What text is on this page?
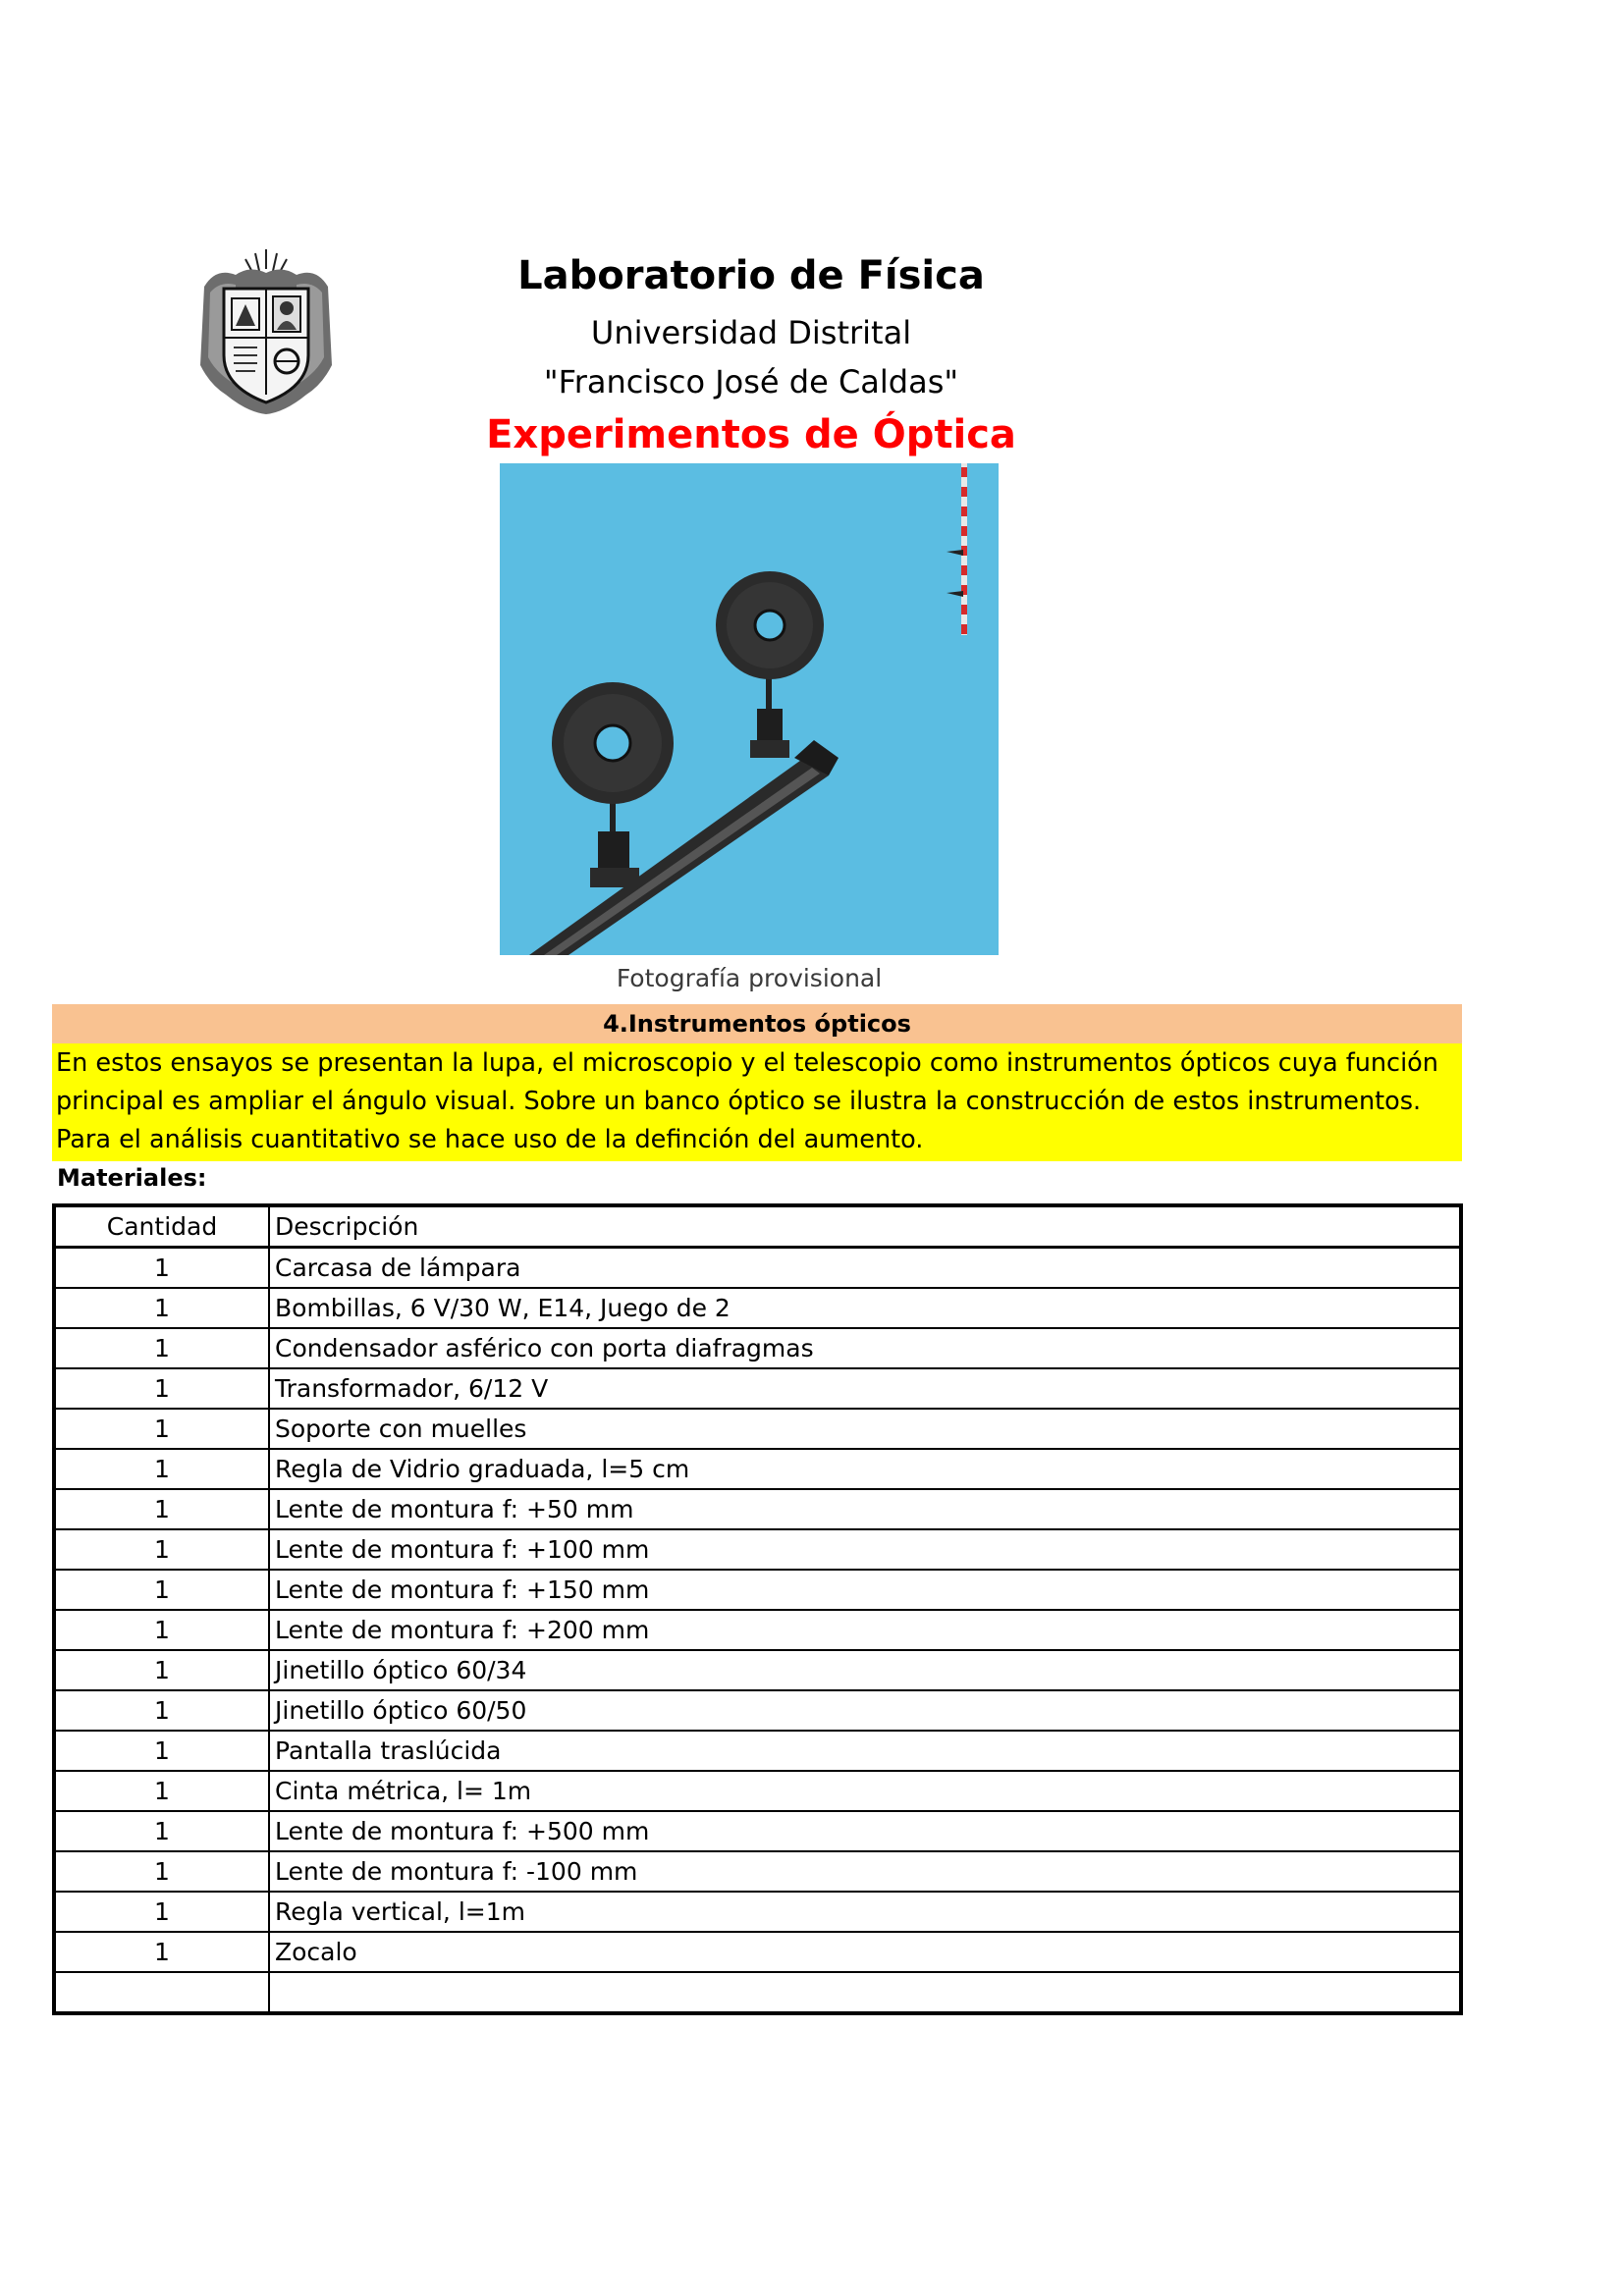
Laboratorio de Física
Universidad Distrital
"Francisco José de Caldas"
Experimentos de Óptica
Fotografía provisional
4.Instrumentos ópticos
En estos ensayos se presentan la lupa, el microscopio y el telescopio como instrumentos ópticos cuya función principal es ampliar el ángulo visual. Sobre un banco óptico se ilustra la construcción de estos instrumentos. Para el análisis cuantitativo se hace uso de la definción del aumento.
Materiales:
Cantidad	Descripción
1	Carcasa de lámpara
1	Bombillas, 6 V/30 W, E14, Juego de 2
1	Condensador asférico con porta diafragmas
1	Transformador, 6/12 V
1	Soporte con muelles
1	Regla de Vidrio graduada, l=5 cm
1	Lente de montura f: +50 mm
1	Lente de montura f: +100 mm
1	Lente de montura f: +150 mm
1	Lente de montura f: +200 mm
1	Jinetillo óptico 60/34
1	Jinetillo óptico 60/50
1	Pantalla traslúcida
1	Cinta métrica, l= 1m
1	Lente de montura f: +500 mm
1	Lente de montura f: -100 mm
1	Regla vertical, l=1m
1	Zocalo
